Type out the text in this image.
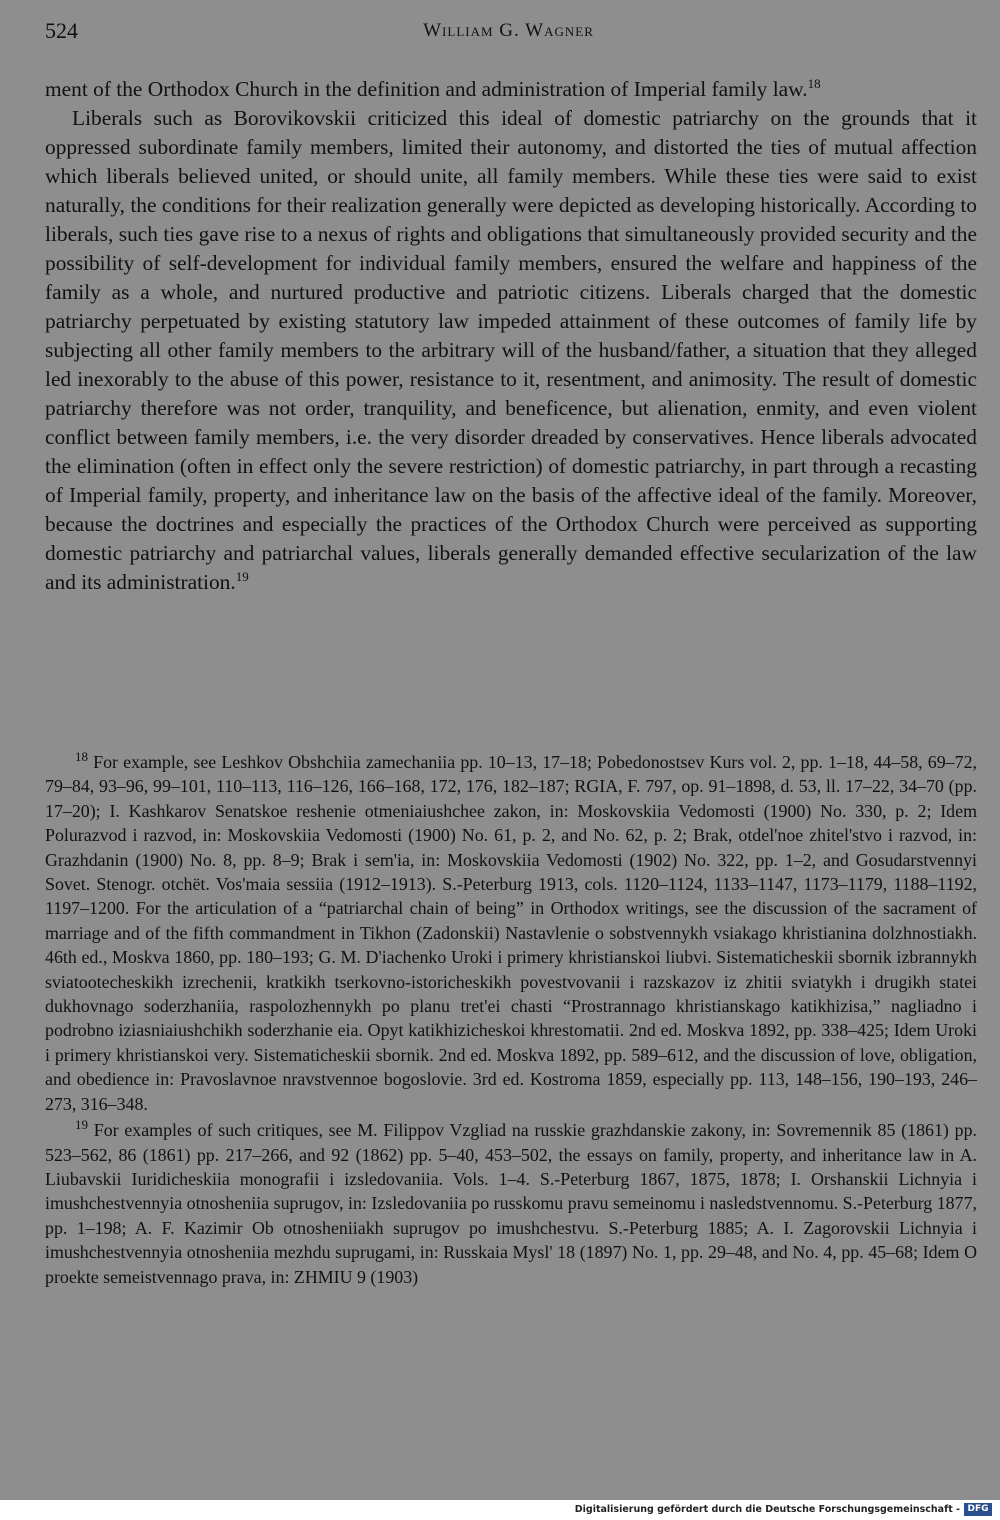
524	William G. Wagner

ment of the Orthodox Church in the definition and administration of Imperial family law.$^{18}$

Liberals such as Borovikovskii criticized this ideal of domestic patriarchy on the grounds that it oppressed subordinate family members, limited their autonomy, and distorted the ties of mutual affection which liberals believed united, or should unite, all family members. While these ties were said to exist naturally, the conditions for their realization generally were depicted as developing historically. According to liberals, such ties gave rise to a nexus of rights and obligations that simultaneously provided security and the possibility of self-development for individual family members, ensured the welfare and happiness of the family as a whole, and nurtured productive and patriotic citizens. Liberals charged that the domestic patriarchy perpetuated by existing statutory law impeded attainment of these outcomes of family life by subjecting all other family members to the arbitrary will of the husband/father, a situation that they alleged led inexorably to the abuse of this power, resistance to it, resentment, and animosity. The result of domestic patriarchy therefore was not order, tranquility, and beneficence, but alienation, enmity, and even violent conflict between family members, i.e. the very disorder dreaded by conservatives. Hence liberals advocated the elimination (often in effect only the severe restriction) of domestic patriarchy, in part through a recasting of Imperial family, property, and inheritance law on the basis of the affective ideal of the family. Moreover, because the doctrines and especially the practices of the Orthodox Church were perceived as supporting domestic patriarchy and patriarchal values, liberals generally demanded effective secularization of the law and its administration.$^{19}$

$^{18}$ For example, see Leshkov Obshchiia zamechaniia pp. 10–13, 17–18; Pobedonostsev Kurs vol. 2, pp. 1–18, 44–58, 69–72, 79–84, 93–96, 99–101, 110–113, 116–126, 166–168, 172, 176, 182–187; RGIA, F. 797, op. 91–1898, d. 53, ll. 17–22, 34–70 (pp. 17–20); I. Kashkarov Senatskoe reshenie otmeniaiushchee zakon, in: Moskovskiia Vedomosti (1900) No. 330, p. 2; Idem Polurazvod i razvod, in: Moskovskiia Vedomosti (1900) No. 61, p. 2, and No. 62, p. 2; Brak, otdel'noe zhitel'stvo i razvod, in: Grazhdanin (1900) No. 8, pp. 8–9; Brak i sem'ia, in: Moskovskiia Vedomosti (1902) No. 322, pp. 1–2, and Gosudarstvennyi Sovet. Stenogr. otchët. Vos'maia sessiia (1912–1913). S.-Peterburg 1913, cols. 1120–1124, 1133–1147, 1173–1179, 1188–1192, 1197–1200. For the articulation of a “patriarchal chain of being” in Orthodox writings, see the discussion of the sacrament of marriage and of the fifth commandment in Tikhon (Zadonskii) Nastavlenie o sobstvennykh vsiakago khristianina dolzhnostiakh. 46th ed., Moskva 1860, pp. 180–193; G. M. D'iachenko Uroki i primery khristianskoi liubvi. Sistematicheskii sbornik izbrannykh sviatootecheskikh izrechenii, kratkikh tserkovno-istoricheskikh povestvovanii i razskazov iz zhitii sviatykh i drugikh statei dukhovnago soderzhaniia, raspolozhennykh po planu tret'ei chasti “Prostrannago khristianskago katikhizisa,” nagliadno i podrobno iziasniaiushchikh soderzhanie eia. Opyt katikhizicheskoi khrestomatii. 2nd ed. Moskva 1892, pp. 338–425; Idem Uroki i primery khristianskoi very. Sistematicheskii sbornik. 2nd ed. Moskva 1892, pp. 589–612, and the discussion of love, obligation, and obedience in: Pravoslavnoe nravstvennoe bogoslovie. 3rd ed. Kostroma 1859, especially pp. 113, 148–156, 190–193, 246–273, 316–348.

$^{19}$ For examples of such critiques, see M. Filippov Vzgliad na russkie grazhdanskie zakony, in: Sovremennik 85 (1861) pp. 523–562, 86 (1861) pp. 217–266, and 92 (1862) pp. 5–40, 453–502, the essays on family, property, and inheritance law in A. Liubavskii Iuridicheskiia monografii i izsledovaniia. Vols. 1–4. S.-Peterburg 1867, 1875, 1878; I. Orshanskii Lichnyia i imushchestvennyia otnosheniia suprugov, in: Izsledovaniia po russkomu pravu semeinomu i nasledstvennomu. S.-Peterburg 1877, pp. 1–198; A. F. Kazimir Ob otnosheniiakh suprugov po imushchestvu. S.-Peterburg 1885; A. I. Zagorovskii Lichnyia i imushchestvennyia otnosheniia mezhdu suprugami, in: Russkaia Mysl' 18 (1897) No. 1, pp. 29–48, and No. 4, pp. 45–68; Idem O proekte semeistvennago prava, in: ZHMIU 9 (1903)

Digitalisierung gefördert durch die Deutsche Forschungsgemeinschaft - DFG
